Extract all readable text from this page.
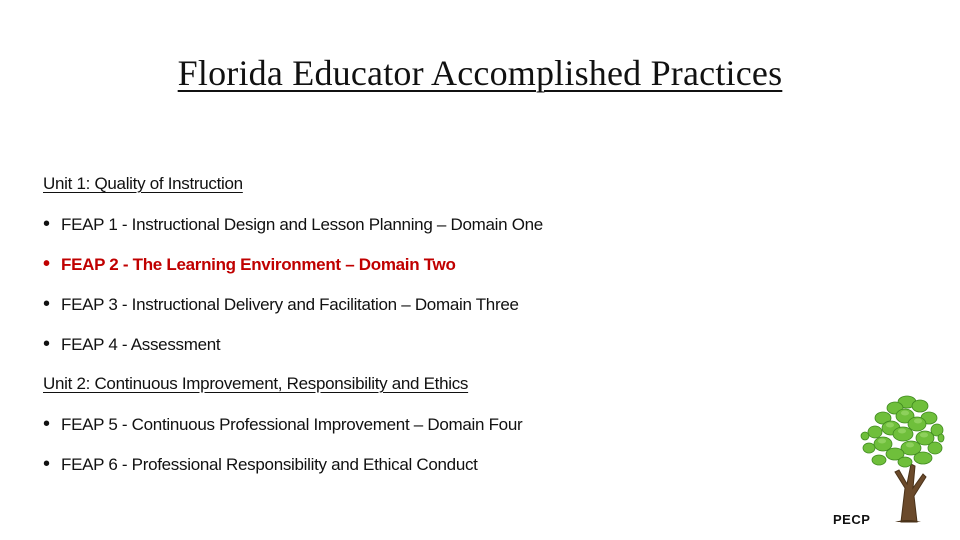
Florida Educator Accomplished Practices
Unit 1: Quality of Instruction
• FEAP 1 - Instructional Design and Lesson Planning – Domain One
• FEAP 2 - The Learning Environment – Domain Two
• FEAP 3 - Instructional Delivery and Facilitation – Domain Three
• FEAP 4 - Assessment
Unit 2: Continuous Improvement, Responsibility and Ethics
• FEAP 5 - Continuous Professional Improvement – Domain Four
• FEAP 6 - Professional Responsibility and Ethical Conduct
PECP
